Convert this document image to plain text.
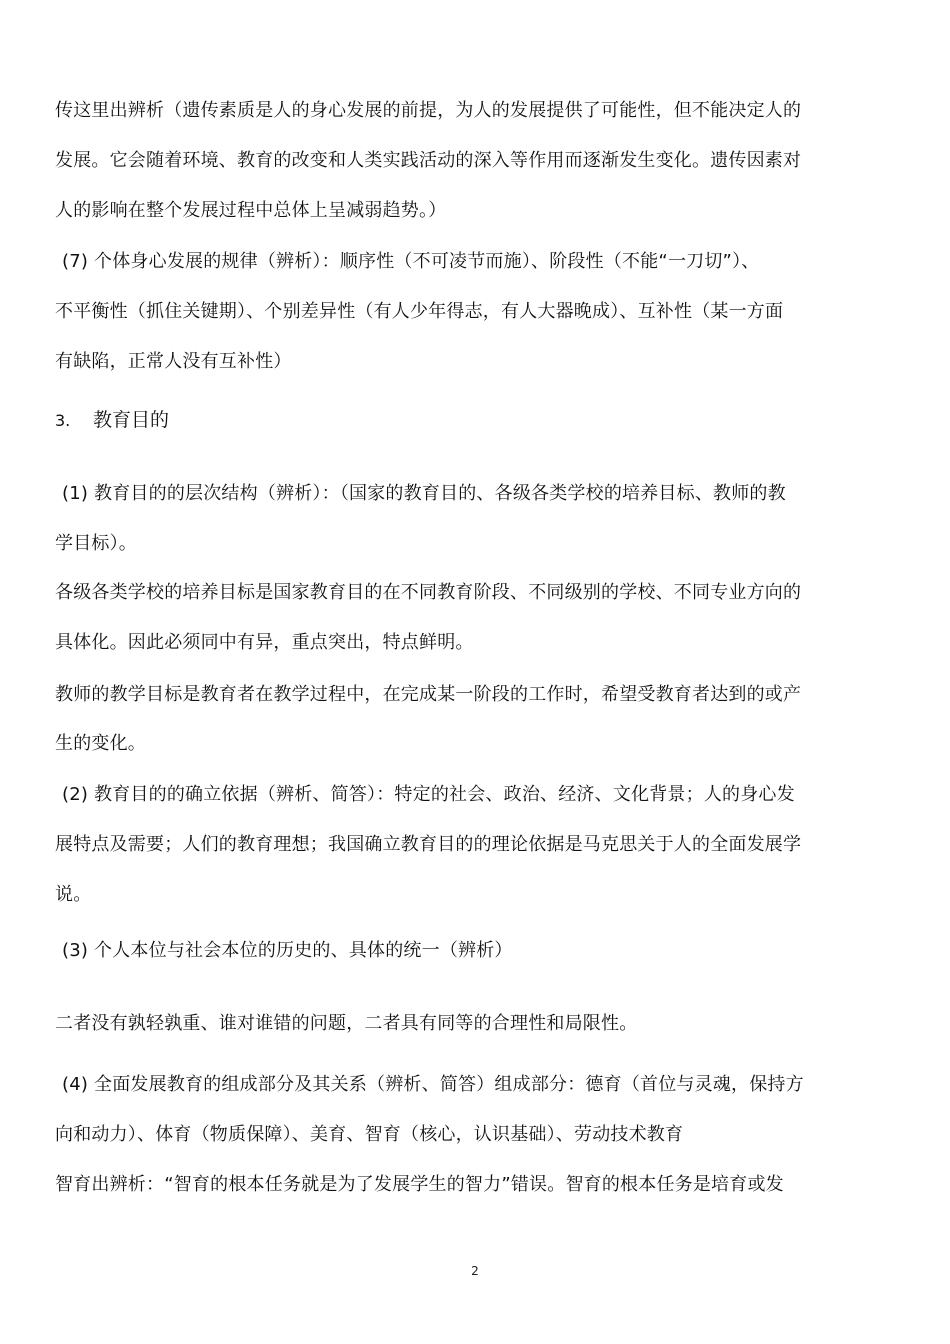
传这里出辨析（遗传素质是人的身心发展的前提，为人的发展提供了可能性，但不能决定人的
发展。它会随着环境、教育的改变和人类实践活动的深入等作用而逐渐发生变化。遗传因素对
人的影响在整个发展过程中总体上呈减弱趋势。）
(7) 个体身心发展的规律（辨析）：顺序性（不可凌节而施）、阶段性（不能“一刀切”）、
不平衡性（抓住关键期）、个别差异性（有人少年得志，有人大器晚成）、互补性（某一方面
有缺陷，正常人没有互补性）
3. 教育目的
(1) 教育目的的层次结构（辨析）：（国家的教育目的、各级各类学校的培养目标、教师的教
学目标）。
各级各类学校的培养目标是国家教育目的在不同教育阶段、不同级别的学校、不同专业方向的
具体化。因此必须同中有异，重点突出，特点鲜明。
教师的教学目标是教育者在教学过程中，在完成某一阶段的工作时，希望受教育者达到的或产
生的变化。
(2) 教育目的的确立依据（辨析、简答）：特定的社会、政治、经济、文化背景；人的身心发
展特点及需要；人们的教育理想；我国确立教育目的的理论依据是马克思关于人的全面发展学
说。
(3) 个人本位与社会本位的历史的、具体的统一（辨析）
二者没有孰轻孰重、谁对谁错的问题，二者具有同等的合理性和局限性。
(4) 全面发展教育的组成部分及其关系（辨析、简答）组成部分：德育（首位与灵魂，保持方
向和动力）、体育（物质保障）、美育、智育（核心，认识基础）、劳动技术教育
智育出辨析：“智育的根本任务就是为了发展学生的智力”错误。智育的根本任务是培育或发
2
